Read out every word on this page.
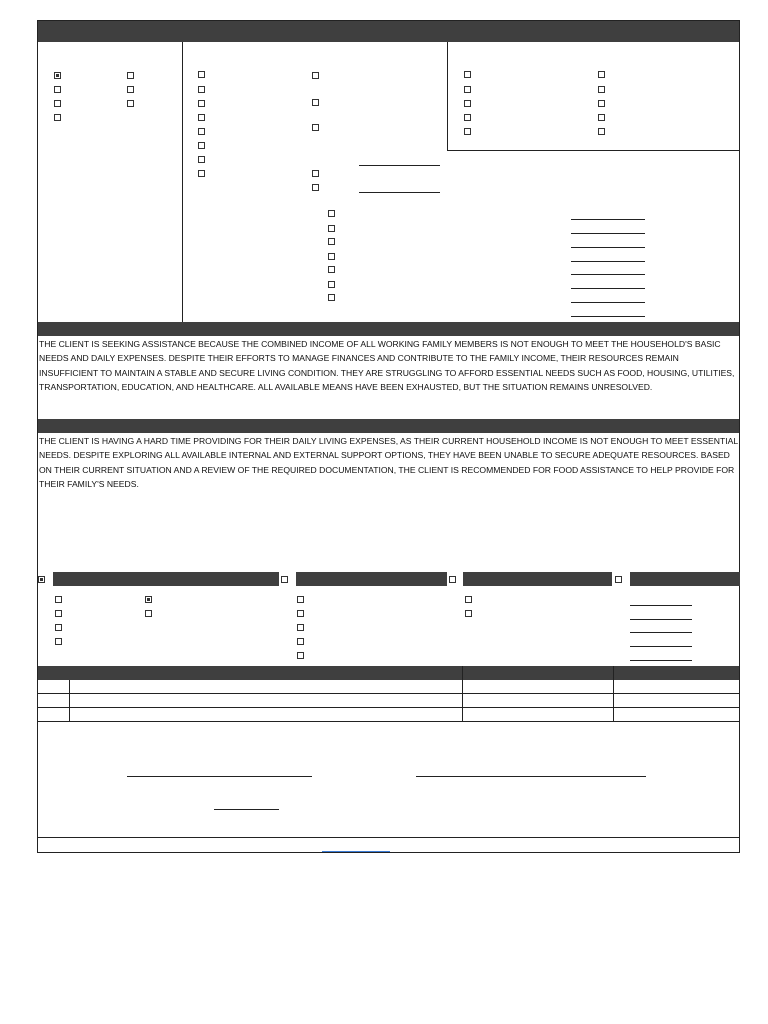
THE CLIENT IS SEEKING ASSISTANCE BECAUSE THE COMBINED INCOME OF ALL WORKING FAMILY MEMBERS IS NOT ENOUGH TO MEET THE HOUSEHOLD'S BASIC NEEDS AND DAILY EXPENSES. DESPITE THEIR EFFORTS TO MANAGE FINANCES AND CONTRIBUTE TO THE FAMILY INCOME, THEIR RESOURCES REMAIN INSUFFICIENT TO MAINTAIN A STABLE AND SECURE LIVING CONDITION. THEY ARE STRUGGLING TO AFFORD ESSENTIAL NEEDS SUCH AS FOOD, HOUSING, UTILITIES, TRANSPORTATION, EDUCATION, AND HEALTHCARE. ALL AVAILABLE MEANS HAVE BEEN EXHAUSTED, BUT THE SITUATION REMAINS UNRESOLVED.
THE CLIENT IS HAVING A HARD TIME PROVIDING FOR THEIR DAILY LIVING EXPENSES, AS THEIR CURRENT HOUSEHOLD INCOME IS NOT ENOUGH TO MEET ESSENTIAL NEEDS. DESPITE EXPLORING ALL AVAILABLE INTERNAL AND EXTERNAL SUPPORT OPTIONS, THEY HAVE BEEN UNABLE TO SECURE ADEQUATE RESOURCES. BASED ON THEIR CURRENT SITUATION AND A REVIEW OF THE REQUIRED DOCUMENTATION, THE CLIENT IS RECOMMENDED FOR FOOD ASSISTANCE TO HELP PROVIDE FOR THEIR FAMILY'S NEEDS.
